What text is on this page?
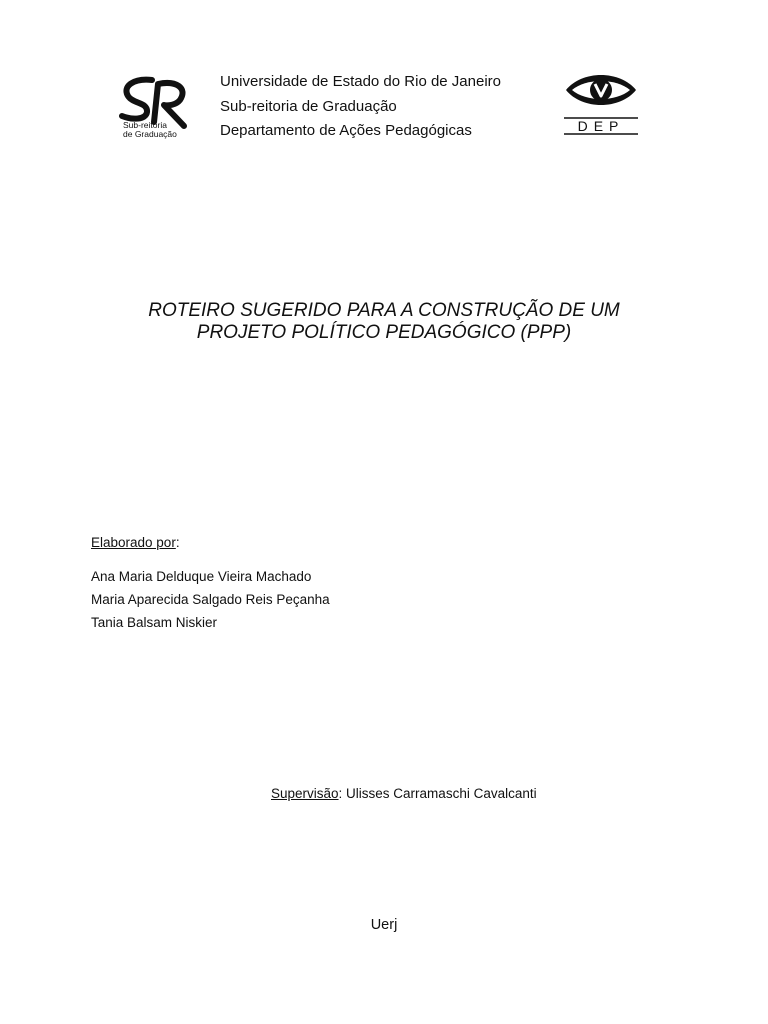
Sub-reitoria
de Graduação
Universidade de Estado do Rio de Janeiro
Sub-reitoria de Graduação
Departamento de Ações Pedagógicas	DEP
ROTEIRO SUGERIDO PARA A CONSTRUÇÃO DE UM
PROJETO POLÍTICO PEDAGÓGICO (PPP)
Elaborado por:
Ana Maria Delduque Vieira Machado
Maria Aparecida Salgado Reis Peçanha
Tania Balsam Niskier
Supervisão: Ulisses Carramaschi Cavalcanti
Uerj
